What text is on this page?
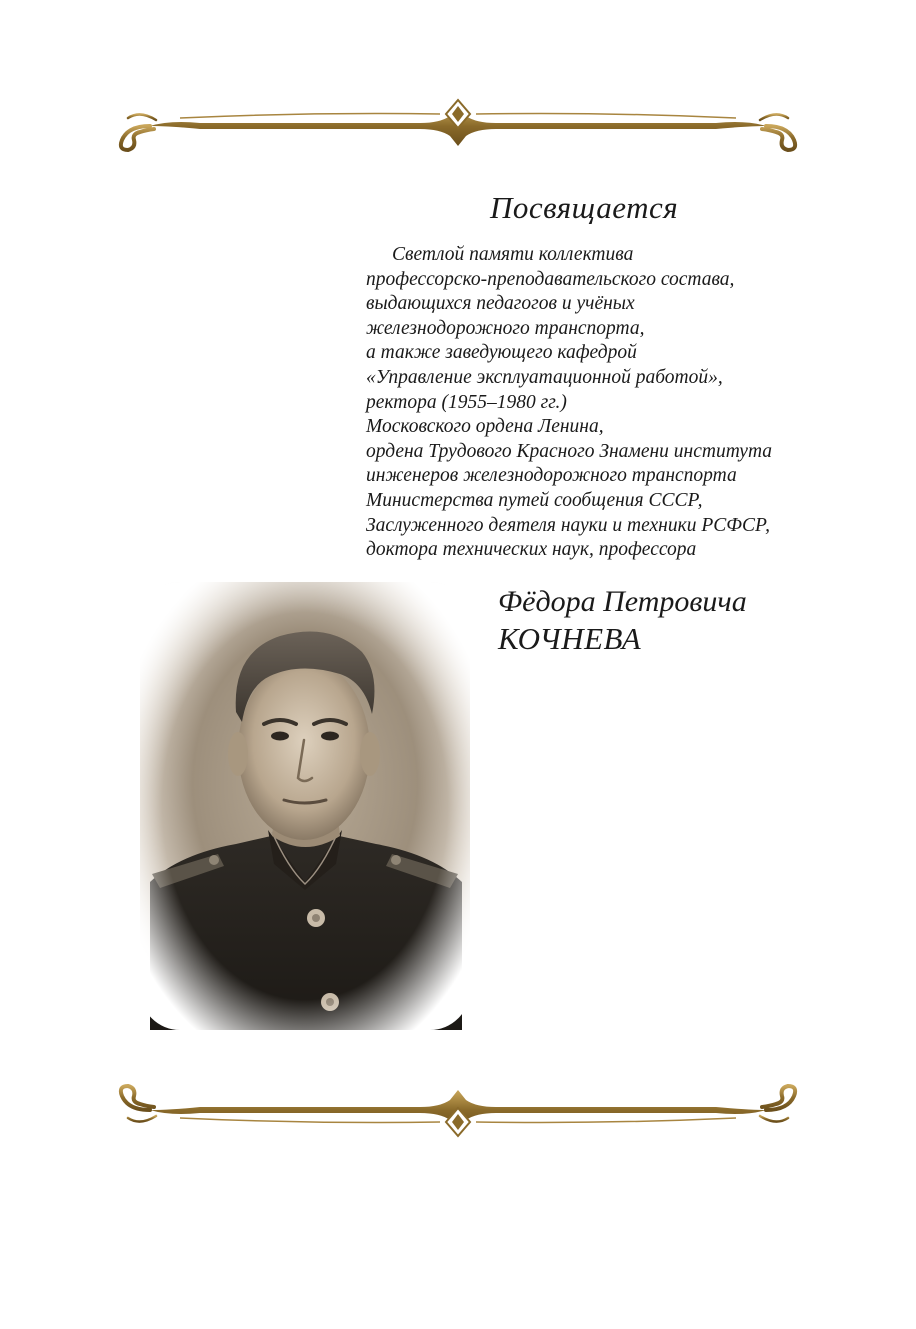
Посвящается
Светлой памяти коллектива
профессорско-преподавательского состава,
выдающихся педагогов и учёных
железнодорожного транспорта,
а также заведующего кафедрой
«Управление эксплуатационной работой»,
ректора (1955–1980 гг.)
Московского ордена Ленина,
ордена Трудового Красного Знамени института
инженеров железнодорожного транспорта
Министерства путей сообщения СССР,
Заслуженного деятеля науки и техники РСФСР,
доктора технических наук, профессора
Фёдора Петровича
КОЧНЕВА
